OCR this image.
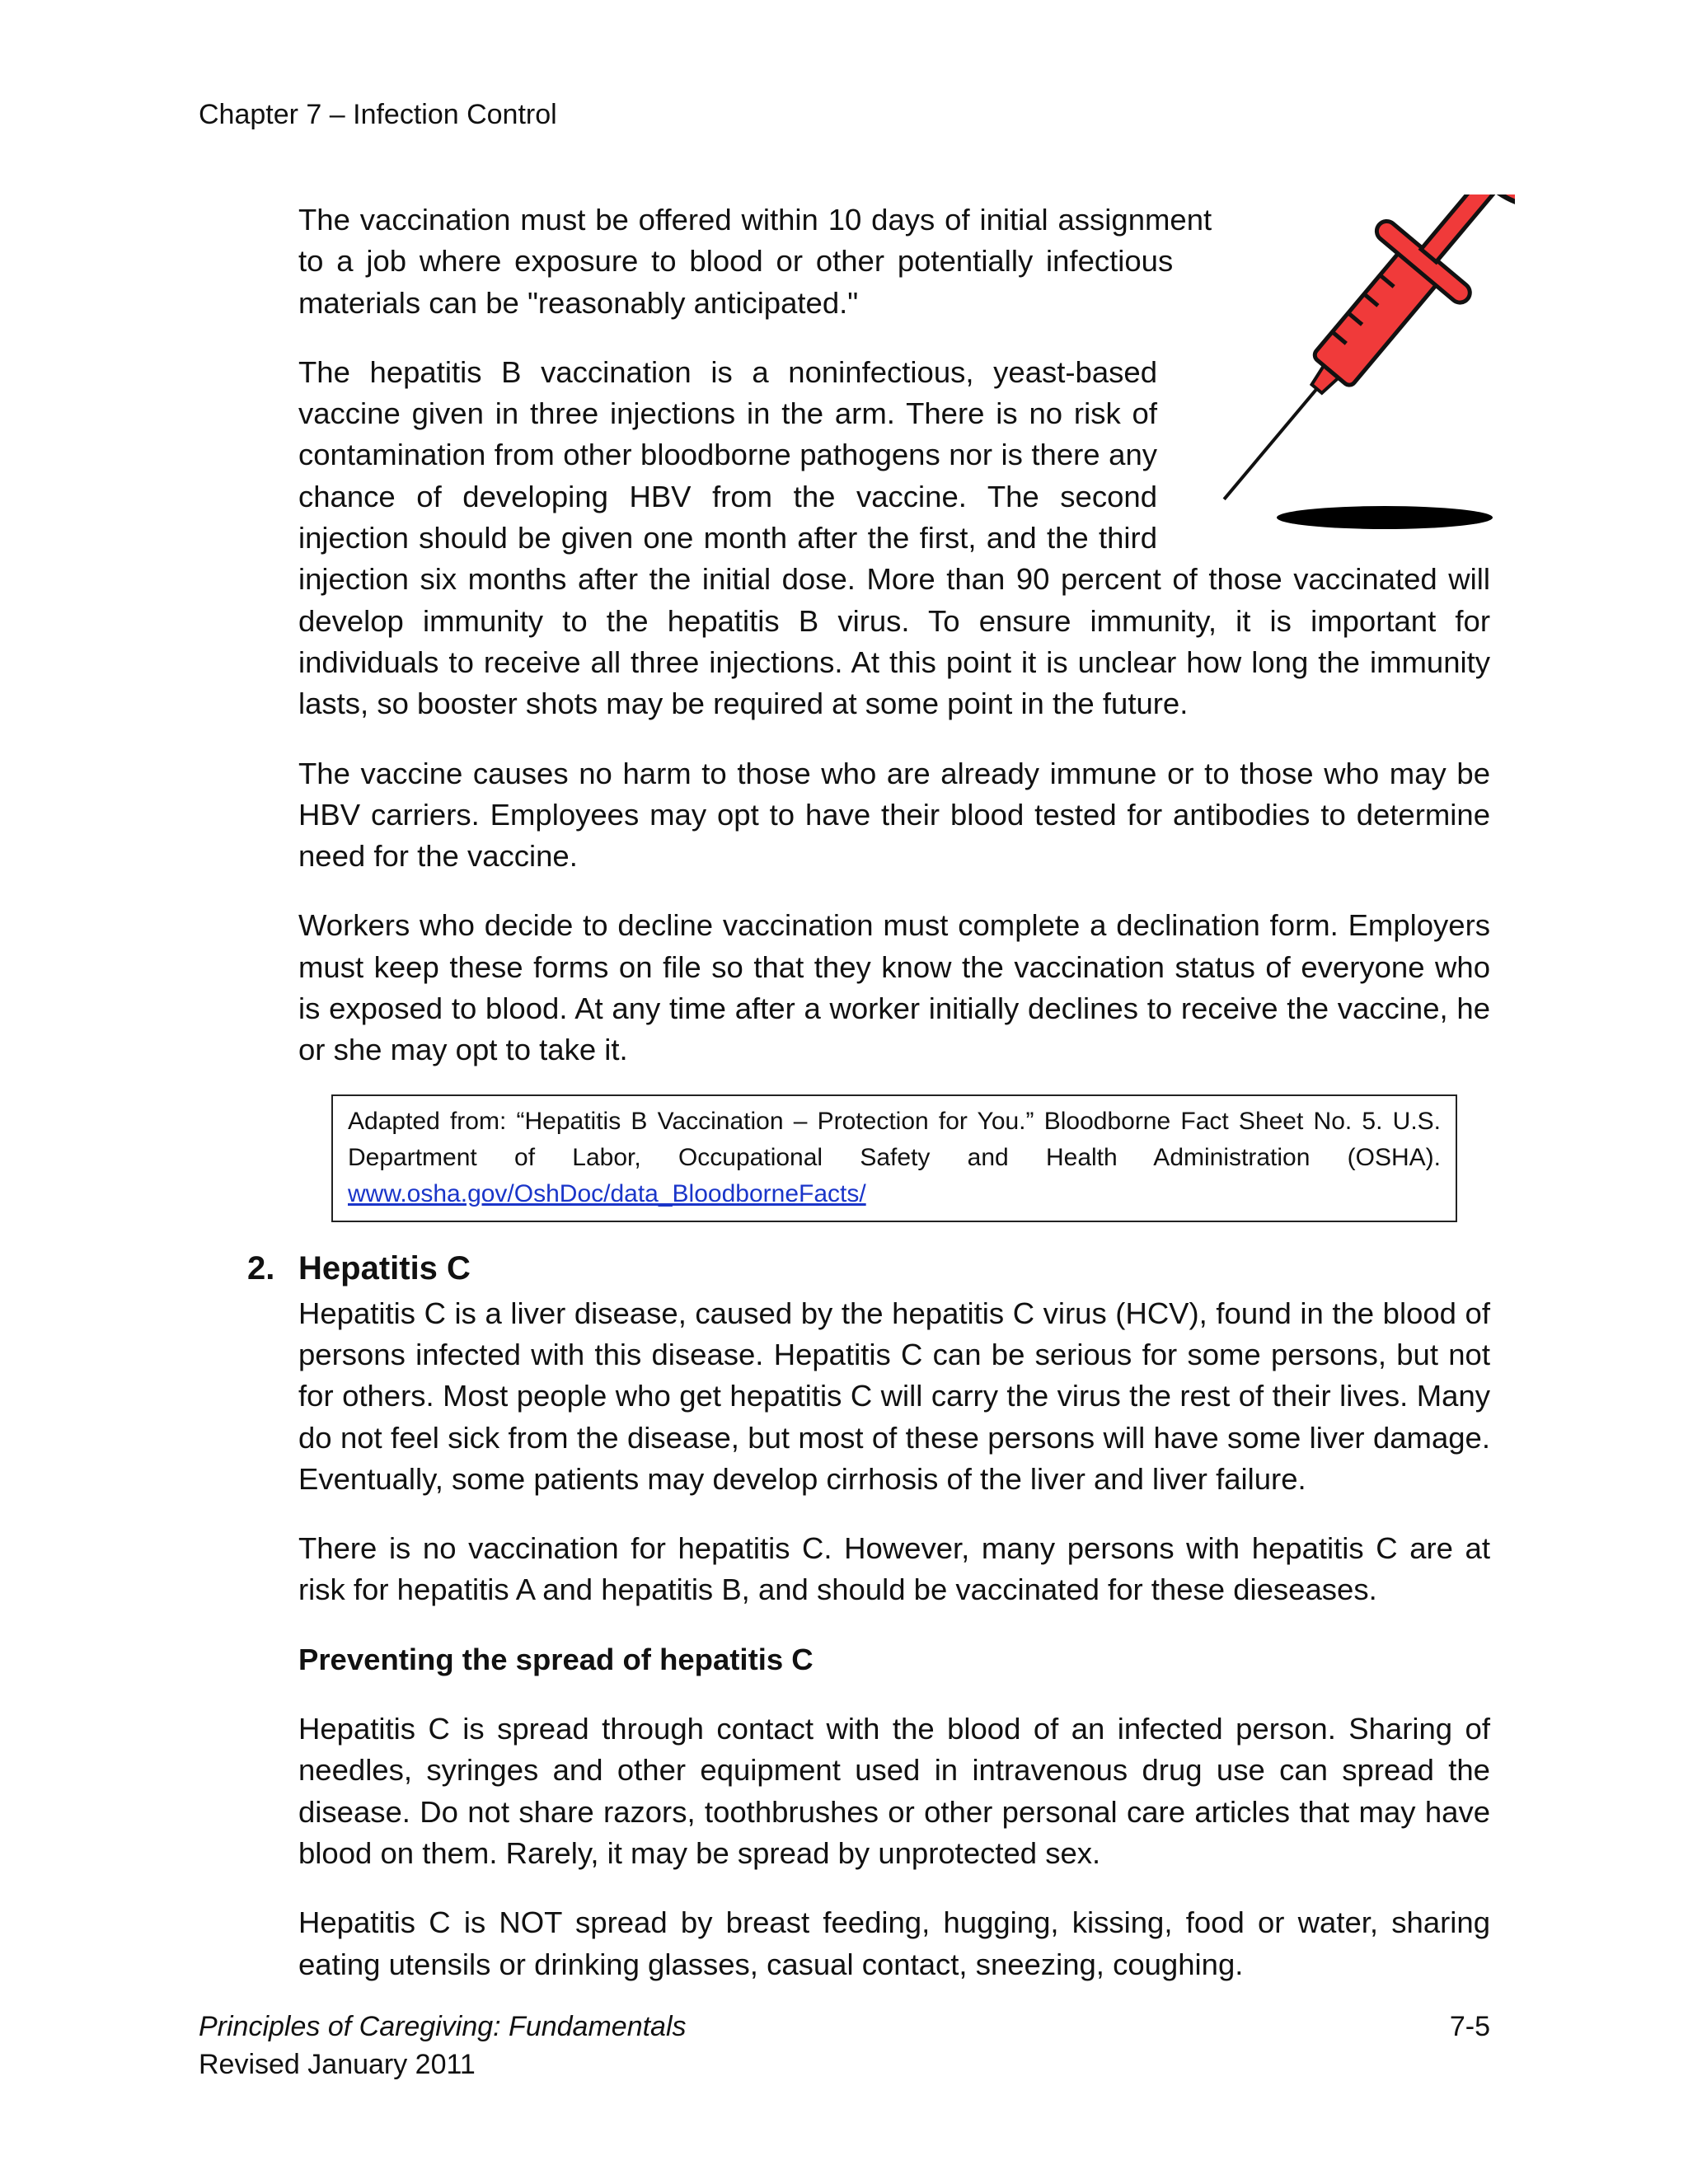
Chapter 7 – Infection Control

The vaccination must be offered within 10 days of initial assignment to a job where exposure to blood or other potentially infectious materials can be "reasonably anticipated."

The hepatitis B vaccination is a noninfectious, yeast-based vaccine given in three injections in the arm. There is no risk of contamination from other bloodborne pathogens nor is there any chance of developing HBV from the vaccine. The second injection should be given one month after the first, and the third injection six months after the initial dose. More than 90 percent of those vaccinated will develop immunity to the hepatitis B virus. To ensure immunity, it is important for individuals to receive all three injections. At this point it is unclear how long the immunity lasts, so booster shots may be required at some point in the future.

The vaccine causes no harm to those who are already immune or to those who may be HBV carriers. Employees may opt to have their blood tested for antibodies to determine need for the vaccine.

Workers who decide to decline vaccination must complete a declination form. Employers must keep these forms on file so that they know the vaccination status of everyone who is exposed to blood. At any time after a worker initially declines to receive the vaccine, he or she may opt to take it.

Adapted from: “Hepatitis B Vaccination – Protection for You.” Bloodborne Fact Sheet No. 5. U.S. Department of Labor, Occupational Safety and Health Administration (OSHA). www.osha.gov/OshDoc/data_BloodborneFacts/
2. Hepatitis C

Hepatitis C is a liver disease, caused by the hepatitis C virus (HCV), found in the blood of persons infected with this disease. Hepatitis C can be serious for some persons, but not for others. Most people who get hepatitis C will carry the virus the rest of their lives. Many do not feel sick from the disease, but most of these persons will have some liver damage. Eventually, some patients may develop cirrhosis of the liver and liver failure.

There is no vaccination for hepatitis C. However, many persons with hepatitis C are at risk for hepatitis A and hepatitis B, and should be vaccinated for these dieseases.

Preventing the spread of hepatitis C

Hepatitis C is spread through contact with the blood of an infected person. Sharing of needles, syringes and other equipment used in intravenous drug use can spread the disease. Do not share razors, toothbrushes or other personal care articles that may have blood on them. Rarely, it may be spread by unprotected sex.

Hepatitis C is NOT spread by breast feeding, hugging, kissing, food or water, sharing eating utensils or drinking glasses, casual contact, sneezing, coughing.

Principles of Caregiving: Fundamentals
Revised January 2011
7-5
